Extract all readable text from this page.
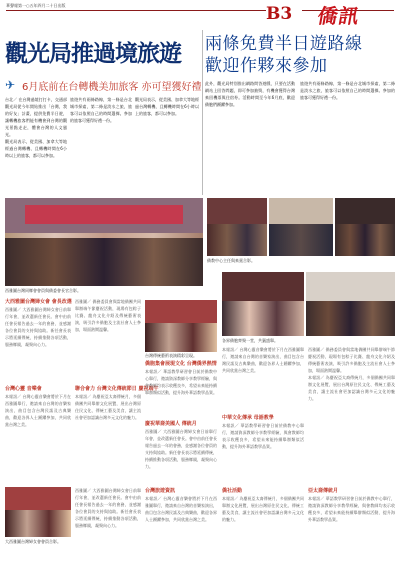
華聲報第一○五年四月二十日出版	B3	僑訊
觀光局推過境旅遊
✈ 6月底前在台轉機美加旅客 亦可望獲好禮
兩條免費半日遊路線
歡迎作夥來參加

台北／ 在台灣過境打打卡，交通部觀光局從今年開始推出「台灣，我的好友」計畫，提供免費半日遊，讓轉機旅客們能有機會到台灣的觀光景點走走，體會台灣的人文風光。

觀光局表示，從美國、加拿大等地經過台灣轉機、且轉機時間在6小時以上的旅客，都可以參加。

旅遊共有兩條路線，第一條是台北城市探索，第二條是淡水之旅，旅客可以依照自己的時間選擇。參加的旅客可獲得好禮一份。

觀光局表示，從美國、加拿大等地經過台灣轉機、且轉機時間在6小時以上的旅客，都可以參加。

此外，觀光局特別推出網路問答遊戲，只要在活動網站上回答問題，即可參加抽獎，有機會獲得台灣來回機票與住宿券。活動時間至今年6月底，歡迎僑胞們踴躍參加。

旅遊共有兩條路線，第一條是台北城市探索，第二條是淡水之旅，旅客可以依照自己的時間選擇。參加的旅客可獲得好禮一份。

西雅圖台灣同鄉會會員與僑委會長官合影。
僑教中心主任與來賓合影。
各界僑胞齊聚一堂，共襄盛舉。
台灣傳統藝術表演精彩呈現。
大西雅圖台灣婦女會 會長改選

西雅圖／ 大西雅圖台灣婦女會日前舉行年會，並改選新任會長。會中由前任會長報告過去一年的會務，並感謝各位會員的支持與協助。新任會長表示將延續傳統，持續推動各項活動，服務鄉親，凝聚向心力。

西雅圖／ 僑務委員會與當地僑團共同舉辦端午節慶祝活動，現場有包粽子比賽、龍舟文化介紹及傳統藝術表演，吸引許多僑胞及主流社會人士參加，場面熱鬧溫馨。

台灣心靈 音樂會

本報訊／ 台灣心靈音樂會將於下月在西雅圖舉行，邀請來自台灣的音樂家演出，曲目包含台灣民謠及古典樂曲，歡迎各界人士踴躍參加，共同欣賞台灣之美。

聯合會力 台灣文化傳統節日 慶祝端午

本報訊／ 為慶祝亞太裔傳統月，多個僑團共同舉辦文化展覽，展出台灣原住民文化、傳統工藝及美食，讓主流社會更加認識台灣多元文化的魅力。

僑胞集會展現文化 台灣僑界熱情

本報訊／ 華語教學研習會日前於僑教中心舉行，邀請資深教師分享教學經驗，與會教師均表示收穫良多，希望未來能持續舉辦類似活動，提升海外華語教學品質。

慶祝華裔美國人 傳統月

西雅圖／ 大西雅圖台灣婦女會日前舉行年會，並改選新任會長。會中由前任會長報告過去一年的會務，並感謝各位會員的支持與協助。新任會長表示將延續傳統，持續推動各項活動，服務鄉親，凝聚向心力。

本報訊／ 台灣心靈音樂會將於下月在西雅圖舉行，邀請來自台灣的音樂家演出，曲目包含台灣民謠及古典樂曲，歡迎各界人士踴躍參加，共同欣賞台灣之美。

中華文化傳承 母語教學

本報訊／ 華語教學研習會日前於僑教中心舉行，邀請資深教師分享教學經驗，與會教師均表示收穫良多，希望未來能持續舉辦類似活動，提升海外華語教學品質。

西雅圖／ 僑務委員會與當地僑團共同舉辦端午節慶祝活動，現場有包粽子比賽、龍舟文化介紹及傳統藝術表演，吸引許多僑胞及主流社會人士參加，場面熱鬧溫馨。

本報訊／ 為慶祝亞太裔傳統月，多個僑團共同舉辦文化展覽，展出台灣原住民文化、傳統工藝及美食，讓主流社會更加認識台灣多元文化的魅力。

大西雅圖台灣婦女會會員合影。

西雅圖／ 大西雅圖台灣婦女會日前舉行年會，並改選新任會長。會中由前任會長報告過去一年的會務，並感謝各位會員的支持與協助。新任會長表示將延續傳統，持續推動各項活動，服務鄉親，凝聚向心力。

台灣旅遊資訊

本報訊／ 台灣心靈音樂會將於下月在西雅圖舉行，邀請來自台灣的音樂家演出，曲目包含台灣民謠及古典樂曲，歡迎各界人士踴躍參加，共同欣賞台灣之美。

僑社活動

本報訊／ 為慶祝亞太裔傳統月，多個僑團共同舉辦文化展覽，展出台灣原住民文化、傳統工藝及美食，讓主流社會更加認識台灣多元文化的魅力。

亞太裔傳統月

本報訊／ 華語教學研習會日前於僑教中心舉行，邀請資深教師分享教學經驗，與會教師均表示收穫良多，希望未來能持續舉辦類似活動，提升海外華語教學品質。
